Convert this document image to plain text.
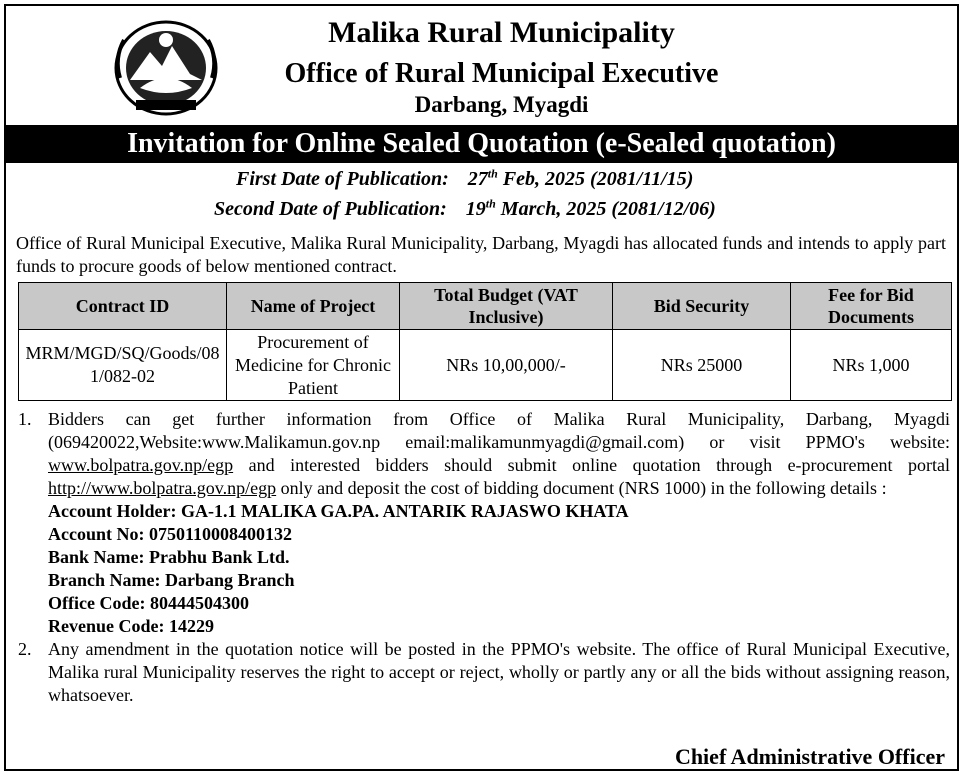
Malika Rural Municipality
Office of Rural Municipal Executive
Darbang, Myagdi
Invitation for Online Sealed Quotation (e-Sealed quotation)
First Date of Publication: 27th Feb, 2025 (2081/11/15)
Second Date of Publication: 19th March, 2025 (2081/12/06)
Office of Rural Municipal Executive, Malika Rural Municipality, Darbang, Myagdi has allocated funds and intends to apply part funds to procure goods of below mentioned contract.
Contract ID	Name of Project	Total Budget (VAT Inclusive)	Bid Security	Fee for Bid Documents
MRM/MGD/SQ/Goods/081/082-02	Procurement of Medicine for Chronic Patient	NRs 10,00,000/-	NRs 25000	NRs 1,000
1. Bidders can get further information from Office of Malika Rural Municipality, Darbang, Myagdi (069420022,Website:www.Malikamun.gov.np email:malikamunmyagdi@gmail.com) or visit PPMO's website: www.bolpatra.gov.np/egp and interested bidders should submit online quotation through e-procurement portal http://www.bolpatra.gov.np/egp only and deposit the cost of bidding document (NRS 1000) in the following details :
Account Holder: GA-1.1 MALIKA GA.PA. ANTARIK RAJASWO KHATA
Account No: 0750110008400132
Bank Name: Prabhu Bank Ltd.
Branch Name: Darbang Branch
Office Code: 80444504300
Revenue Code: 14229
2. Any amendment in the quotation notice will be posted in the PPMO's website. The office of Rural Municipal Executive, Malika rural Municipality reserves the right to accept or reject, wholly or partly any or all the bids without assigning reason, whatsoever.
Chief Administrative Officer
